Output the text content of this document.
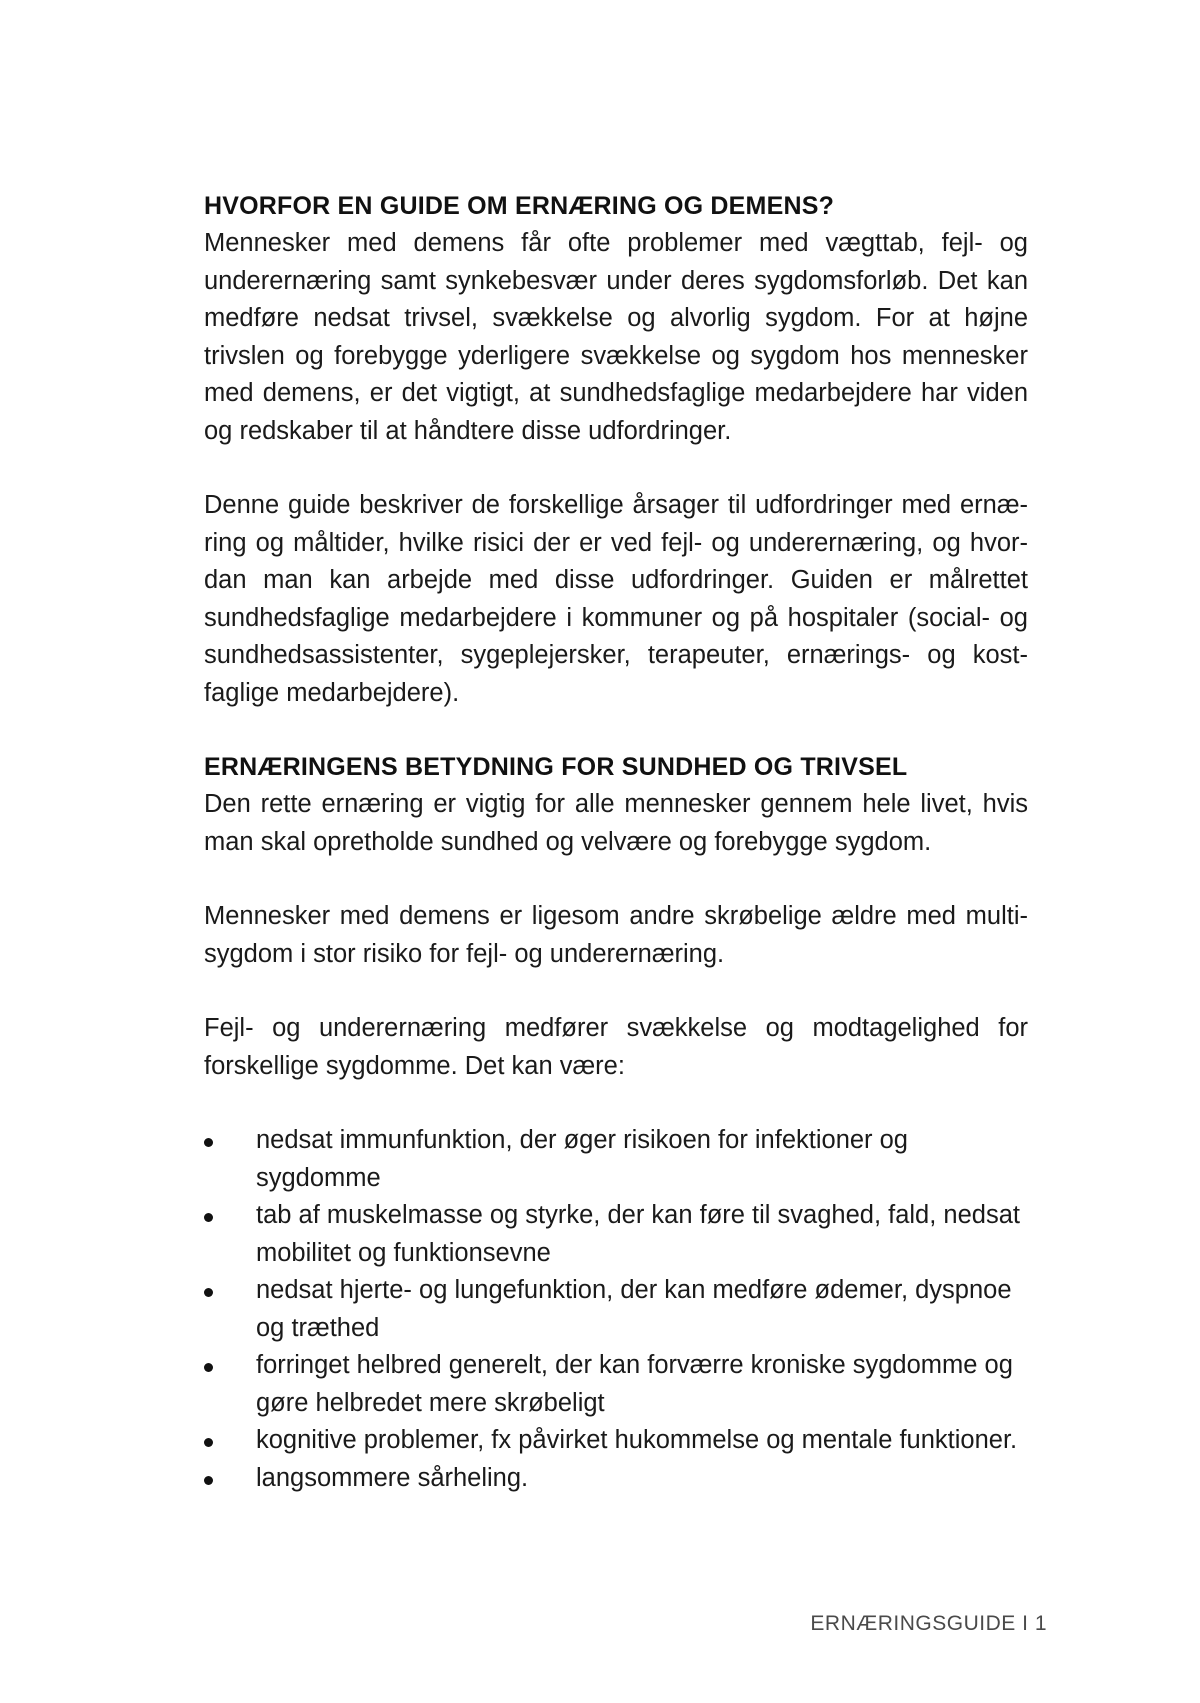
HVORFOR EN GUIDE OM ERNÆRING OG DEMENS?

Mennesker med demens får ofte problemer med vægttab, fejl- og underernæring samt synkebesvær under deres sygdomsforløb. Det kan medføre nedsat trivsel, svækkelse og alvorlig sygdom. For at højne trivslen og forebygge yderligere svækkelse og sygdom hos mennesker med demens, er det vigtigt, at sundhedsfaglige medarbejdere har viden og redskaber til at håndtere disse udfordringer.

Denne guide beskriver de forskellige årsager til udfordringer med ernæring og måltider, hvilke risici der er ved fejl- og underernæring, og hvordan man kan arbejde med disse udfordringer. Guiden er målrettet sundhedsfaglige medarbejdere i kommuner og på hospitaler (social- og sundhedsassistenter, sygeplejersker, terapeuter, ernærings- og kostfaglige medarbejdere).

ERNÆRINGENS BETYDNING FOR SUNDHED OG TRIVSEL

Den rette ernæring er vigtig for alle mennesker gennem hele livet, hvis man skal opretholde sundhed og velvære og forebygge sygdom.

Mennesker med demens er ligesom andre skrøbelige ældre med multisygdom i stor risiko for fejl- og underernæring.

Fejl- og underernæring medfører svækkelse og modtagelighed for forskellige sygdomme. Det kan være:

nedsat immunfunktion, der øger risikoen for infektioner og sygdomme
tab af muskelmasse og styrke, der kan føre til svaghed, fald, nedsat mobilitet og funktionsevne
nedsat hjerte- og lungefunktion, der kan medføre ødemer, dyspnoe og træthed
forringet helbred generelt, der kan forværre kroniske sygdomme og gøre helbredet mere skrøbeligt
kognitive problemer, fx påvirket hukommelse og mentale funktioner.
langsommere sårheling.
ERNÆRINGSGUIDE I 1
